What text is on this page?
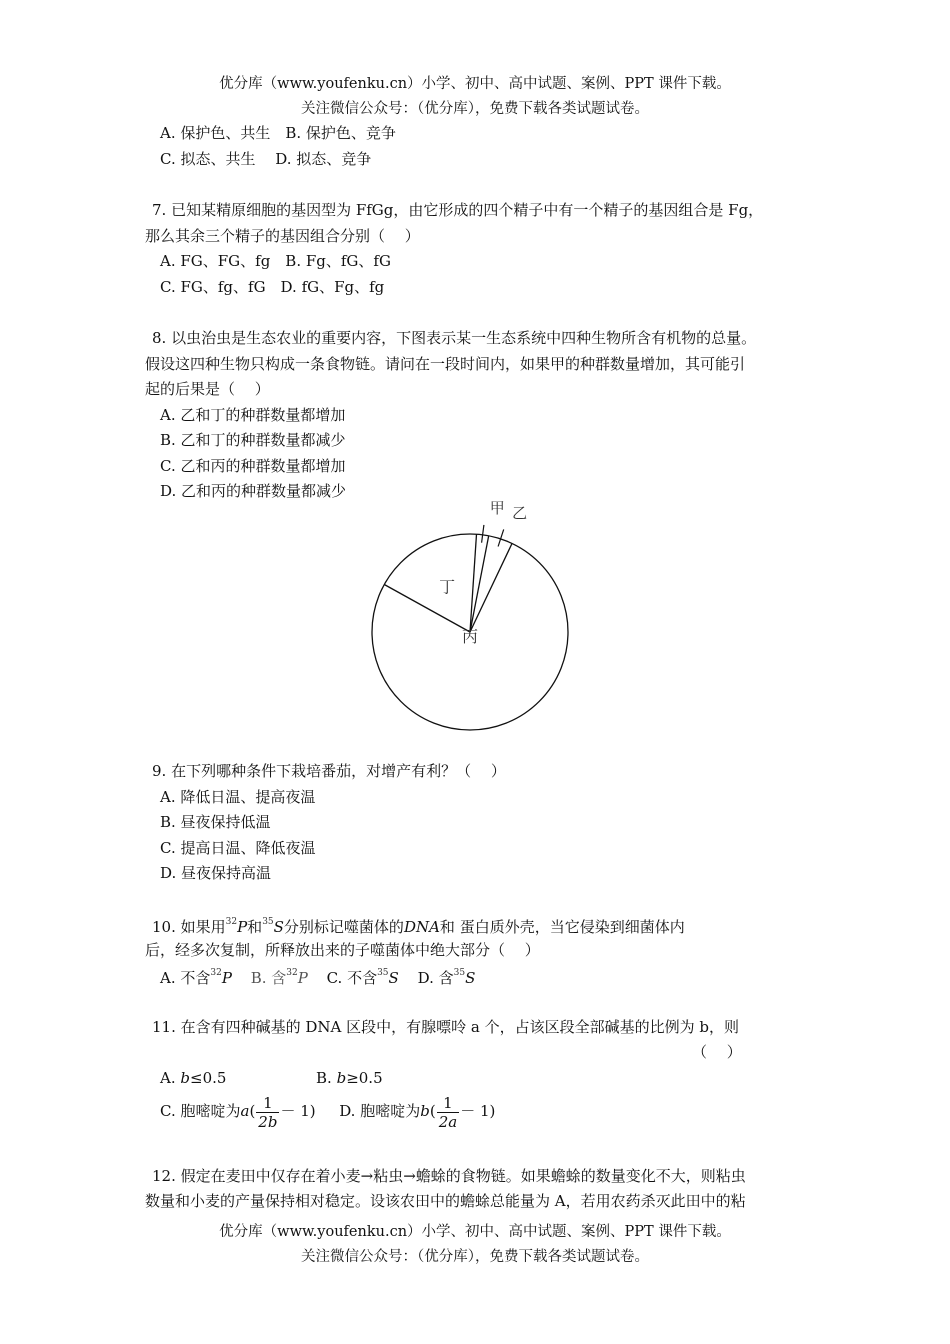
优分库（www.youfenku.cn）小学、初中、高中试题、案例、PPT 课件下载。
关注微信公众号：（优分库），免费下载各类试题试卷。
A. 保护色、共生　B. 保护色、竞争
C. 拟态、共生　 D. 拟态、竞争
7. 已知某精原细胞的基因型为 FfGg，由它形成的四个精子中有一个精子的基因组合是 Fg，
那么其余三个精子的基因组合分别（　 ）
A. FG、FG、fg　B. Fg、fG、fG
C. FG、fg、fG　D. fG、Fg、fg
8. 以虫治虫是生态农业的重要内容，下图表示某一生态系统中四种生物所含有机物的总量。
假设这四种生物只构成一条食物链。请问在一段时间内，如果甲的种群数量增加，其可能引
起的后果是（　 ）
A. 乙和丁的种群数量都增加
B. 乙和丁的种群数量都减少
C. 乙和丙的种群数量都增加
D. 乙和丙的种群数量都减少
甲 乙
丁
丙
9. 在下列哪种条件下栽培番茄，对增产有利？（　 ）
A. 降低日温、提高夜温
B. 昼夜保持低温
C. 提高日温、降低夜温
D. 昼夜保持高温
10. 如果用$^{32}$P和$^{35}$S分别标记噬菌体的DNA和 蛋白质外壳，当它侵染到细菌体内
后，经多次复制，所释放出来的子噬菌体中绝大部分（　 ）
A. 不含$^{32}$P B. 含$^{32}$P C. 不含$^{35}$S D. 含$^{35}$S
11. 在含有四种碱基的 DNA 区段中，有腺嘌呤 a 个，占该区段全部碱基的比例为 b，则
（　 ）
A. b≤0.5	B. b≥0.5
C. 胞嘧啶为$a( \frac{1}{2b} - 1)$ D. 胞嘧啶为$b( \frac{1}{2a} - 1)$
12. 假定在麦田中仅存在着小麦→粘虫→蟾蜍的食物链。如果蟾蜍的数量变化不大，则粘虫
数量和小麦的产量保持相对稳定。设该农田中的蟾蜍总能量为 A，若用农药杀灭此田中的粘
优分库（www.youfenku.cn）小学、初中、高中试题、案例、PPT 课件下载。
关注微信公众号：（优分库），免费下载各类试题试卷。
